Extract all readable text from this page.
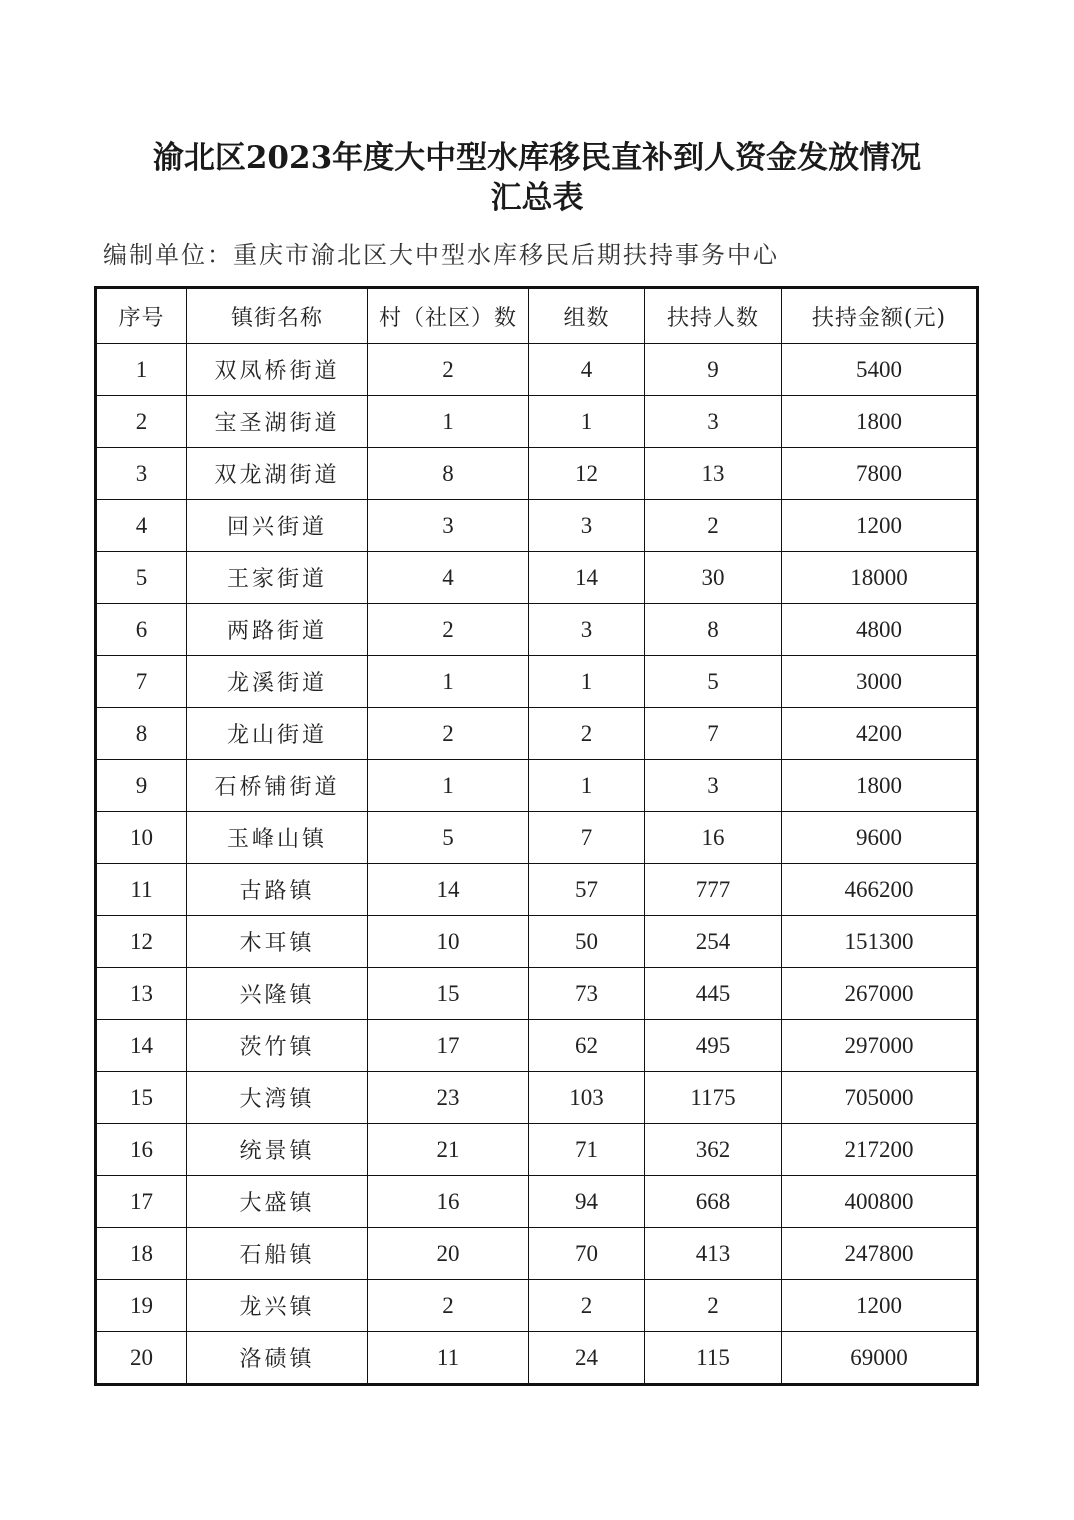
渝北区2023年度大中型水库移民直补到人资金发放情况
汇总表
编制单位：重庆市渝北区大中型水库移民后期扶持事务中心
序号	镇街名称	村（社区）数	组数	扶持人数	扶持金额(元)
1	双凤桥街道	2	4	9	5400
2	宝圣湖街道	1	1	3	1800
3	双龙湖街道	8	12	13	7800
4	回兴街道	3	3	2	1200
5	王家街道	4	14	30	18000
6	两路街道	2	3	8	4800
7	龙溪街道	1	1	5	3000
8	龙山街道	2	2	7	4200
9	石桥铺街道	1	1	3	1800
10	玉峰山镇	5	7	16	9600
11	古路镇	14	57	777	466200
12	木耳镇	10	50	254	151300
13	兴隆镇	15	73	445	267000
14	茨竹镇	17	62	495	297000
15	大湾镇	23	103	1175	705000
16	统景镇	21	71	362	217200
17	大盛镇	16	94	668	400800
18	石船镇	20	70	413	247800
19	龙兴镇	2	2	2	1200
20	洛碛镇	11	24	115	69000
